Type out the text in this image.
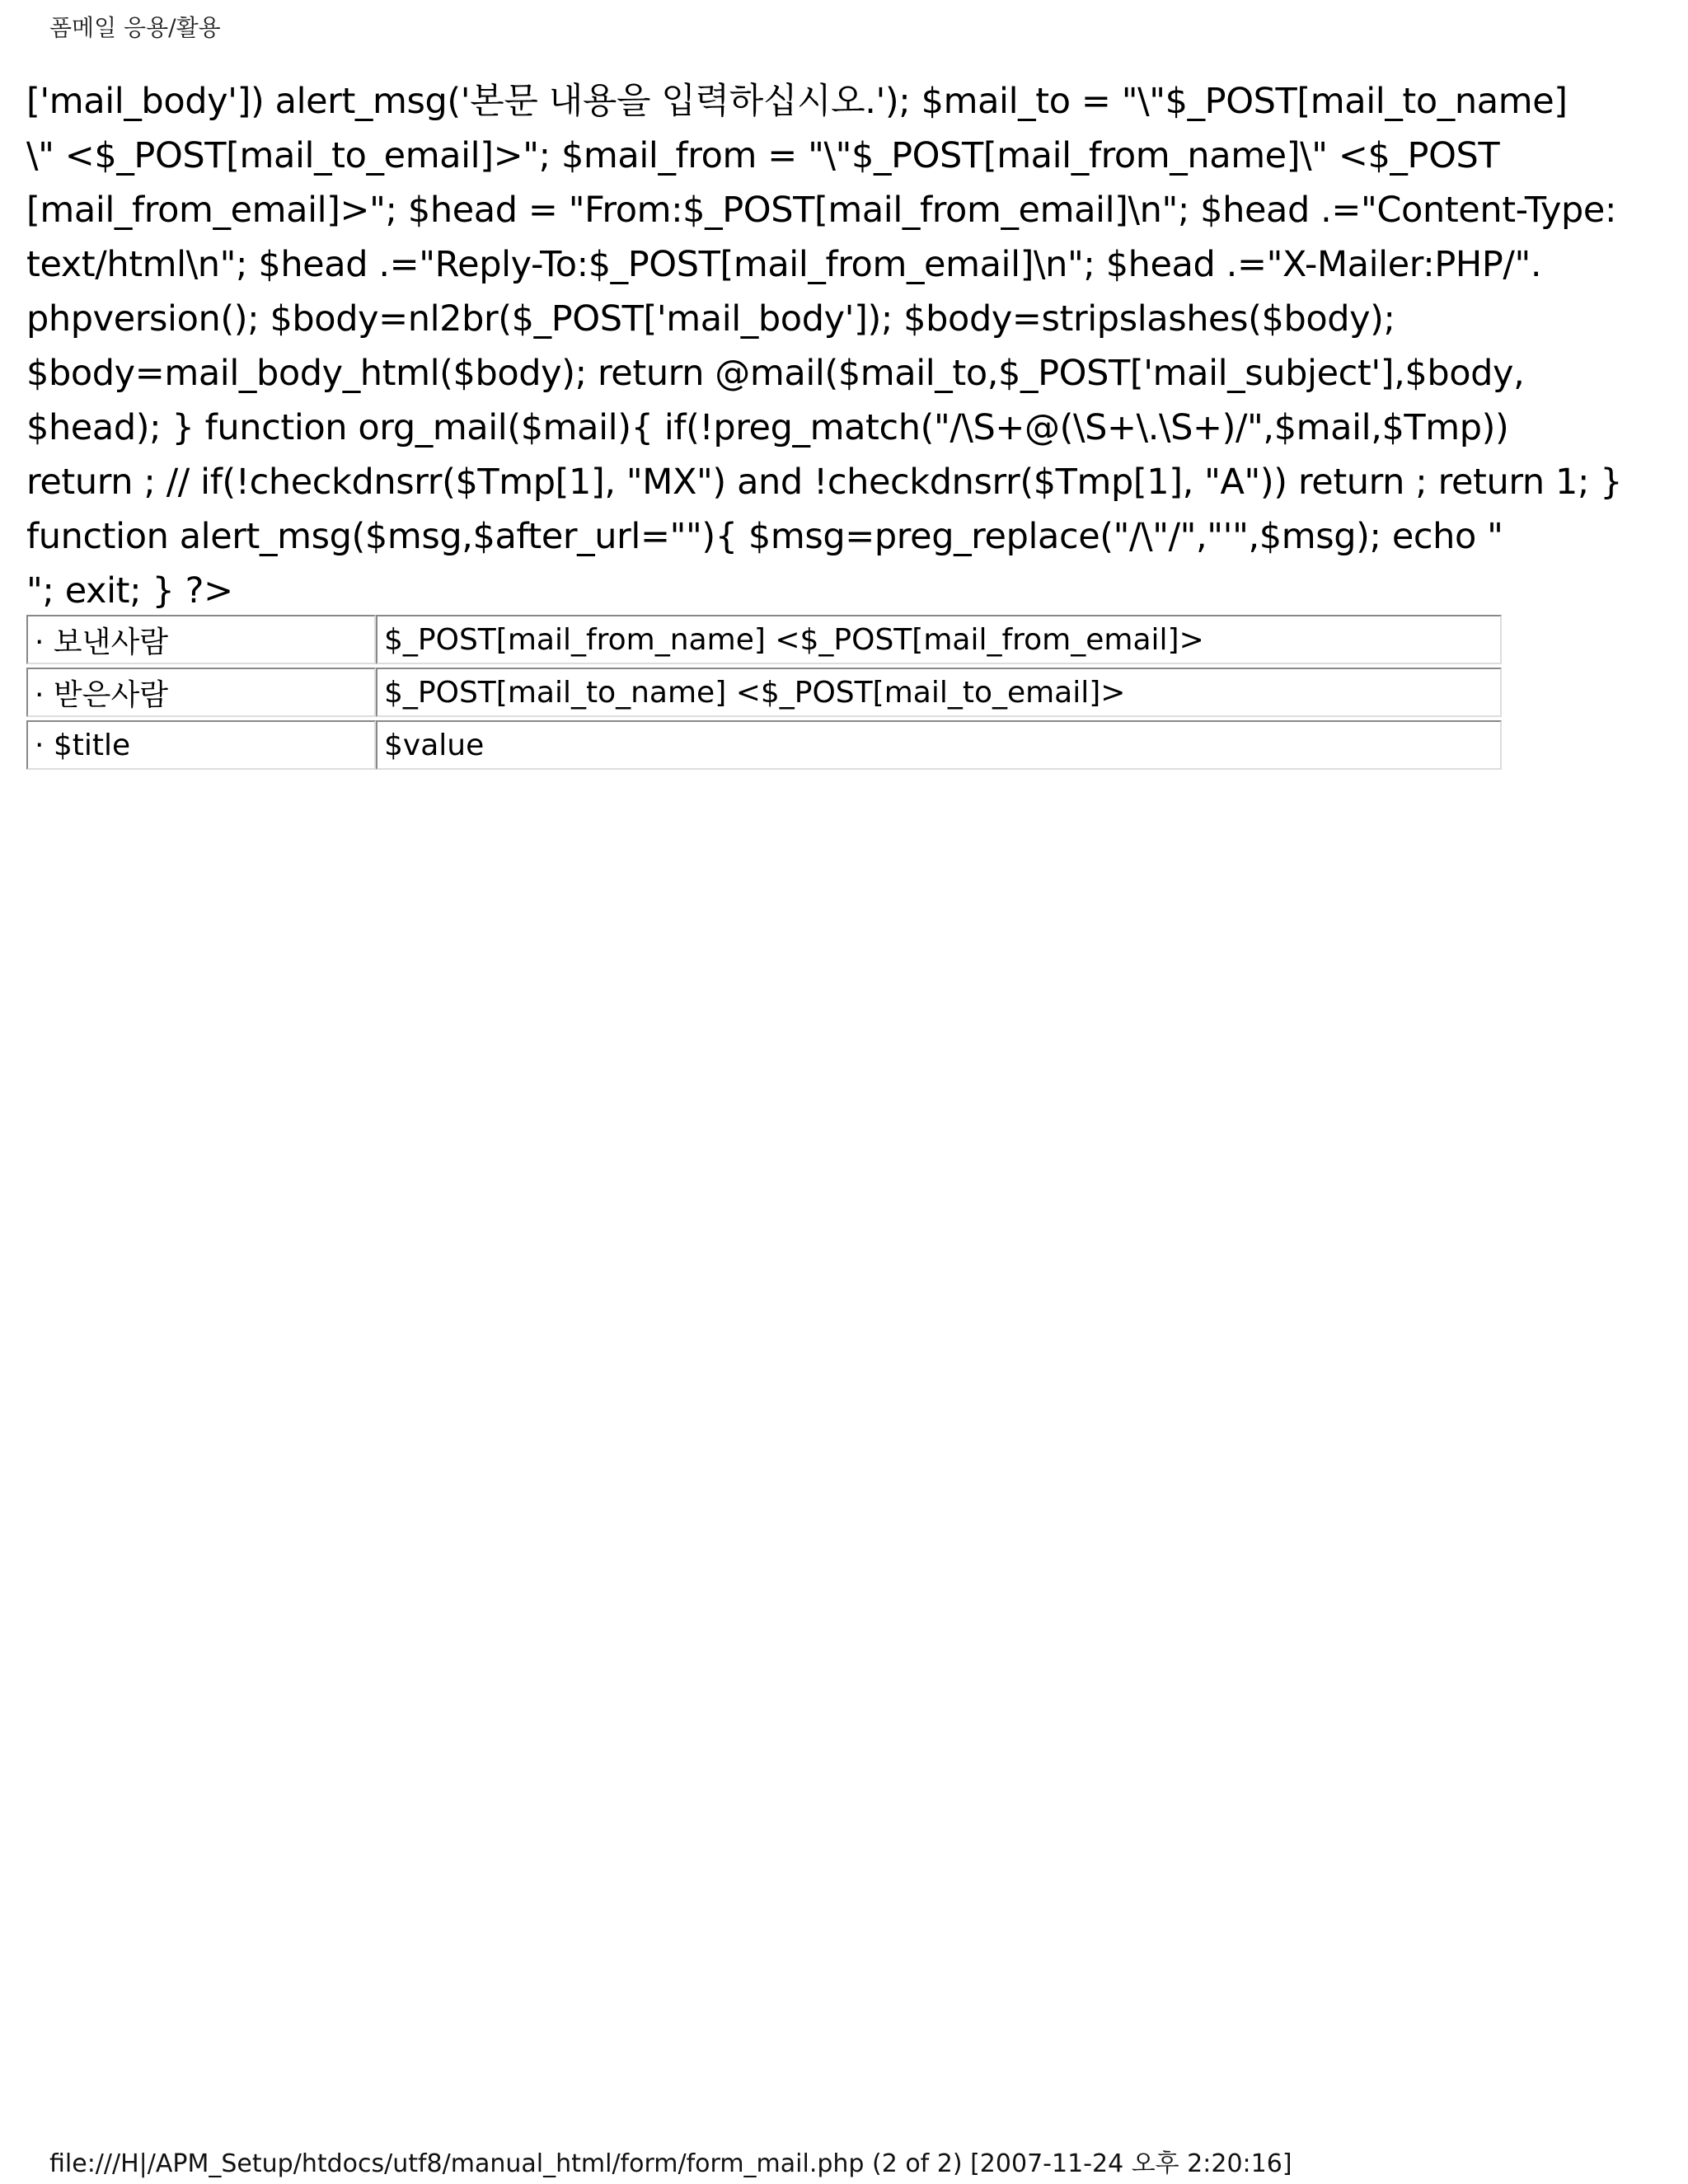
폼메일 응용/활용
['mail_body']) alert_msg('본문 내용을 입력하십시오.'); $mail_to = "\"$_POST[mail_to_name]
\" <$_POST[mail_to_email]>"; $mail_from = "\"$_POST[mail_from_name]\" <$_POST
[mail_from_email]>"; $head = "From:$_POST[mail_from_email]\n"; $head .="Content-Type:
text/html\n"; $head .="Reply-To:$_POST[mail_from_email]\n"; $head .="X-Mailer:PHP/".
phpversion(); $body=nl2br($_POST['mail_body']); $body=stripslashes($body);
$body=mail_body_html($body); return @mail($mail_to,$_POST['mail_subject'],$body,
$head); } function org_mail($mail){ if(!preg_match("/\S+@(\S+\.\S+)/",$mail,$Tmp))
return ; // if(!checkdnsrr($Tmp[1], "MX") and !checkdnsrr($Tmp[1], "A")) return ; return 1; }
function alert_msg($msg,$after_url=""){ $msg=preg_replace("/\"/","'",$msg); echo "
"; exit; } ?>
· 보낸사람	$_POST[mail_from_name] <$_POST[mail_from_email]>
· 받은사람	$_POST[mail_to_name] <$_POST[mail_to_email]>
· $title	$value
file:///H|/APM_Setup/htdocs/utf8/manual_html/form/form_mail.php (2 of 2) [2007-11-24 오후 2:20:16]
